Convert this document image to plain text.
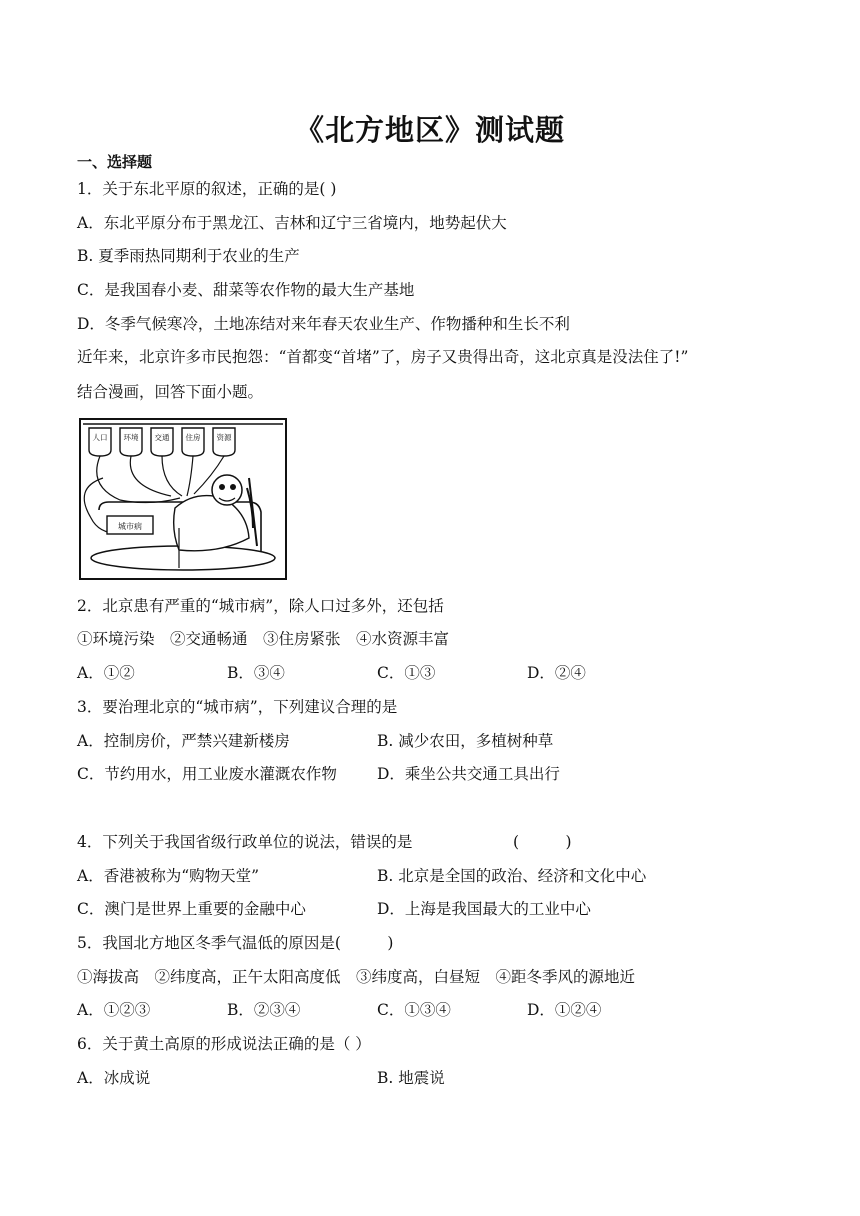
《北方地区》测试题
一、选择题
1．关于东北平原的叙述，正确的是( )
A．东北平原分布于黑龙江、吉林和辽宁三省境内，地势起伏大
B. 夏季雨热同期利于农业的生产
C．是我国春小麦、甜菜等农作物的最大生产基地
D．冬季气候寒冷，土地冻结对来年春天农业生产、作物播种和生长不利
近年来，北京许多市民抱怨：“首都变“首堵”了，房子又贵得出奇，这北京真是没法住了!”
结合漫画，回答下面小题。
人口 环境 交通 住房 资源
城市病
2．北京患有严重的“城市病”，除人口过多外，还包括
①环境污染　②交通畅通　③住房紧张　④水资源丰富
A．①②	B．③④	C．①③	D．②④
3．要治理北京的“城市病”，下列建议合理的是
A．控制房价，严禁兴建新楼房	B. 减少农田，多植树种草
C．节约用水，用工业废水灌溉农作物	D．乘坐公共交通工具出行
4．下列关于我国省级行政单位的说法，错误的是	(　　　)
A．香港被称为“购物天堂”	B. 北京是全国的政治、经济和文化中心
C．澳门是世界上重要的金融中心	D．上海是我国最大的工业中心
5．我国北方地区冬季气温低的原因是(　　　)
①海拔高　②纬度高，正午太阳高度低　③纬度高，白昼短　④距冬季风的源地近
A．①②③	B．②③④	C．①③④	D．①②④
6．关于黄土高原的形成说法正确的是（ ）
A．冰成说	B. 地震说
